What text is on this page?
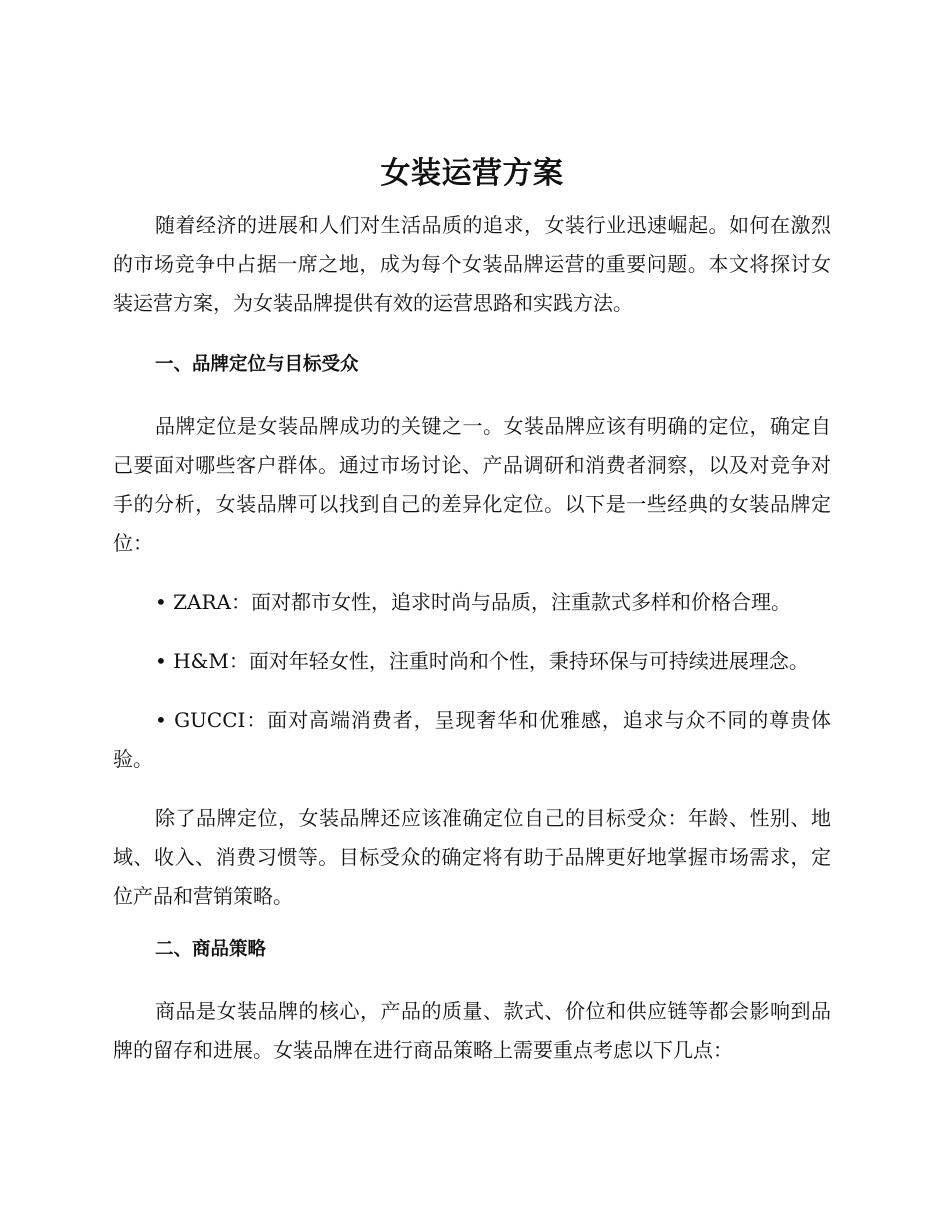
女装运营方案

随着经济的进展和人们对生活品质的追求，女装行业迅速崛起。如何在激烈的市场竞争中占据一席之地，成为每个女装品牌运营的重要问题。本文将探讨女装运营方案，为女装品牌提供有效的运营思路和实践方法。

一、品牌定位与目标受众

品牌定位是女装品牌成功的关键之一。女装品牌应该有明确的定位，确定自己要面对哪些客户群体。通过市场讨论、产品调研和消费者洞察，以及对竞争对手的分析，女装品牌可以找到自己的差异化定位。以下是一些经典的女装品牌定位：

• ZARA：面对都市女性，追求时尚与品质，注重款式多样和价格合理。

• H&M：面对年轻女性，注重时尚和个性，秉持环保与可持续进展理念。

• GUCCI：面对高端消费者，呈现奢华和优雅感，追求与众不同的尊贵体验。

除了品牌定位，女装品牌还应该准确定位自己的目标受众：年龄、性别、地域、收入、消费习惯等。目标受众的确定将有助于品牌更好地掌握市场需求，定位产品和营销策略。

二、商品策略

商品是女装品牌的核心，产品的质量、款式、价位和供应链等都会影响到品牌的留存和进展。女装品牌在进行商品策略上需要重点考虑以下几点：
